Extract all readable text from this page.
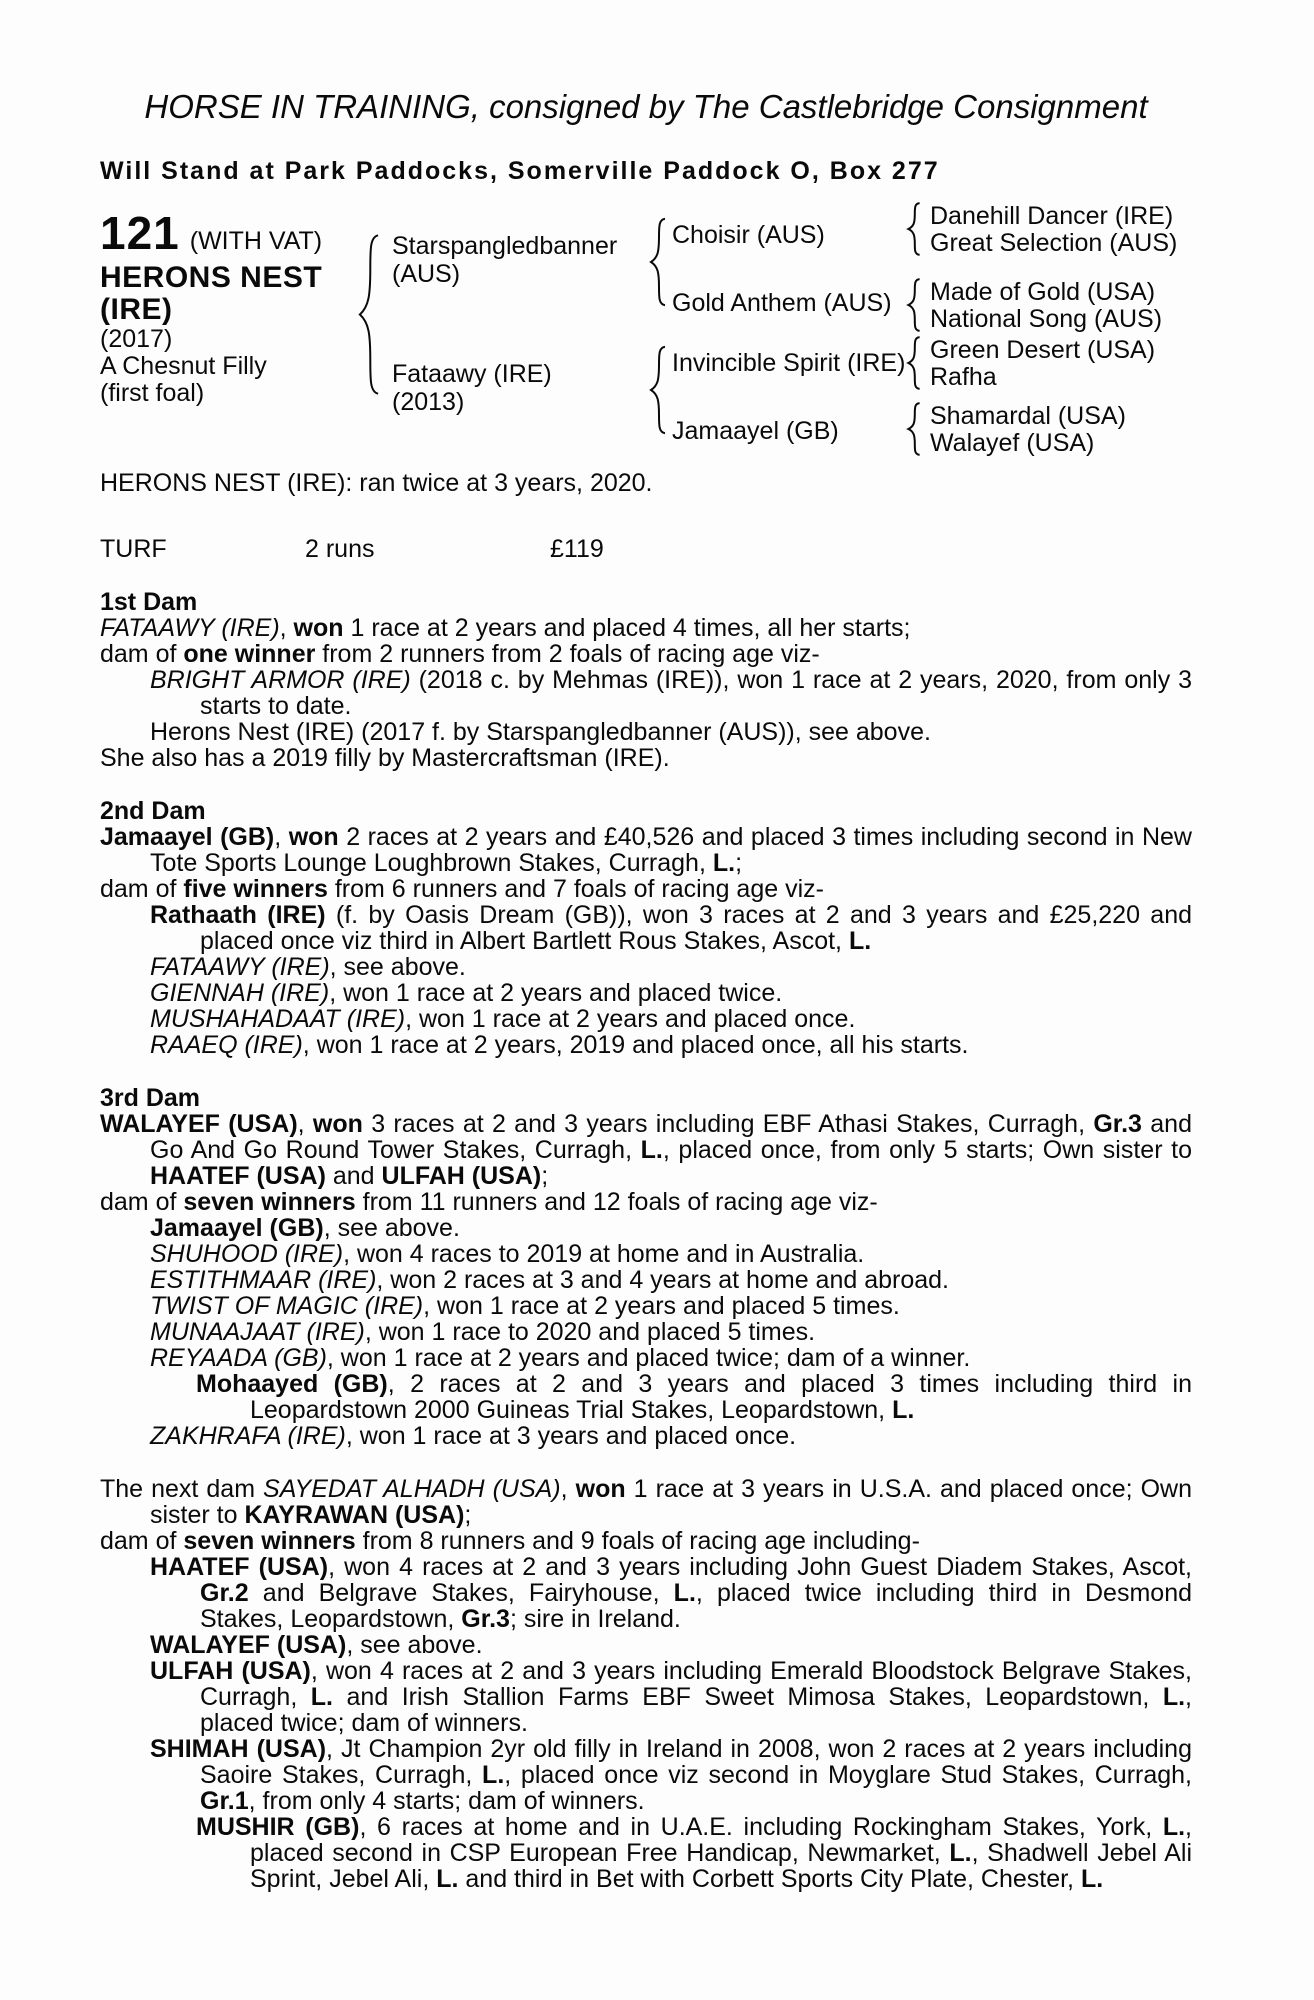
HORSE IN TRAINING, consigned by The Castlebridge Consignment
Will Stand at Park Paddocks, Somerville Paddock O, Box 277
121 (WITH VAT)
HERONS NEST
(IRE)
(2017)
A Chesnut Filly
(first foal)
Starspangledbanner
(AUS)
Fataawy (IRE)
(2013)
Choisir (AUS)
Gold Anthem (AUS)
Invincible Spirit (IRE)
Jamaayel (GB)
Danehill Dancer (IRE)
Great Selection (AUS)
Made of Gold (USA)
National Song (AUS)
Green Desert (USA)
Rafha
Shamardal (USA)
Walayef (USA)
HERONS NEST (IRE): ran twice at 3 years, 2020.
TURF	2 runs	£119
1st Dam

FATAAWY (IRE), won 1 race at 2 years and placed 4 times, all her starts;

dam of one winner from 2 runners from 2 foals of racing age viz-

BRIGHT ARMOR (IRE) (2018 c. by Mehmas (IRE)), won 1 race at 2 years, 2020, from only 3 starts to date.

Herons Nest (IRE) (2017 f. by Starspangledbanner (AUS)), see above.

She also has a 2019 filly by Mastercraftsman (IRE).

2nd Dam

Jamaayel (GB), won 2 races at 2 years and £40,526 and placed 3 times including second in New Tote Sports Lounge Loughbrown Stakes, Curragh, L.;

dam of five winners from 6 runners and 7 foals of racing age viz-

Rathaath (IRE) (f. by Oasis Dream (GB)), won 3 races at 2 and 3 years and £25,220 and placed once viz third in Albert Bartlett Rous Stakes, Ascot, L.

FATAAWY (IRE), see above.

GIENNAH (IRE), won 1 race at 2 years and placed twice.

MUSHAHADAAT (IRE), won 1 race at 2 years and placed once.

RAAEQ (IRE), won 1 race at 2 years, 2019 and placed once, all his starts.

3rd Dam

WALAYEF (USA), won 3 races at 2 and 3 years including EBF Athasi Stakes, Curragh, Gr.3 and Go And Go Round Tower Stakes, Curragh, L., placed once, from only 5 starts; Own sister to HAATEF (USA) and ULFAH (USA);

dam of seven winners from 11 runners and 12 foals of racing age viz-

Jamaayel (GB), see above.

SHUHOOD (IRE), won 4 races to 2019 at home and in Australia.

ESTITHMAAR (IRE), won 2 races at 3 and 4 years at home and abroad.

TWIST OF MAGIC (IRE), won 1 race at 2 years and placed 5 times.

MUNAAJAAT (IRE), won 1 race to 2020 and placed 5 times.

REYAADA (GB), won 1 race at 2 years and placed twice; dam of a winner.

Mohaayed (GB), 2 races at 2 and 3 years and placed 3 times including third in Leopardstown 2000 Guineas Trial Stakes, Leopardstown, L.

ZAKHRAFA (IRE), won 1 race at 3 years and placed once.

The next dam SAYEDAT ALHADH (USA), won 1 race at 3 years in U.S.A. and placed once; Own sister to KAYRAWAN (USA);

dam of seven winners from 8 runners and 9 foals of racing age including-

HAATEF (USA), won 4 races at 2 and 3 years including John Guest Diadem Stakes, Ascot, Gr.2 and Belgrave Stakes, Fairyhouse, L., placed twice including third in Desmond Stakes, Leopardstown, Gr.3; sire in Ireland.

WALAYEF (USA), see above.

ULFAH (USA), won 4 races at 2 and 3 years including Emerald Bloodstock Belgrave Stakes, Curragh, L. and Irish Stallion Farms EBF Sweet Mimosa Stakes, Leopardstown, L., placed twice; dam of winners.

SHIMAH (USA), Jt Champion 2yr old filly in Ireland in 2008, won 2 races at 2 years including Saoire Stakes, Curragh, L., placed once viz second in Moyglare Stud Stakes, Curragh, Gr.1, from only 4 starts; dam of winners.

MUSHIR (GB), 6 races at home and in U.A.E. including Rockingham Stakes, York, L., placed second in CSP European Free Handicap, Newmarket, L., Shadwell Jebel Ali Sprint, Jebel Ali, L. and third in Bet with Corbett Sports City Plate, Chester, L.
